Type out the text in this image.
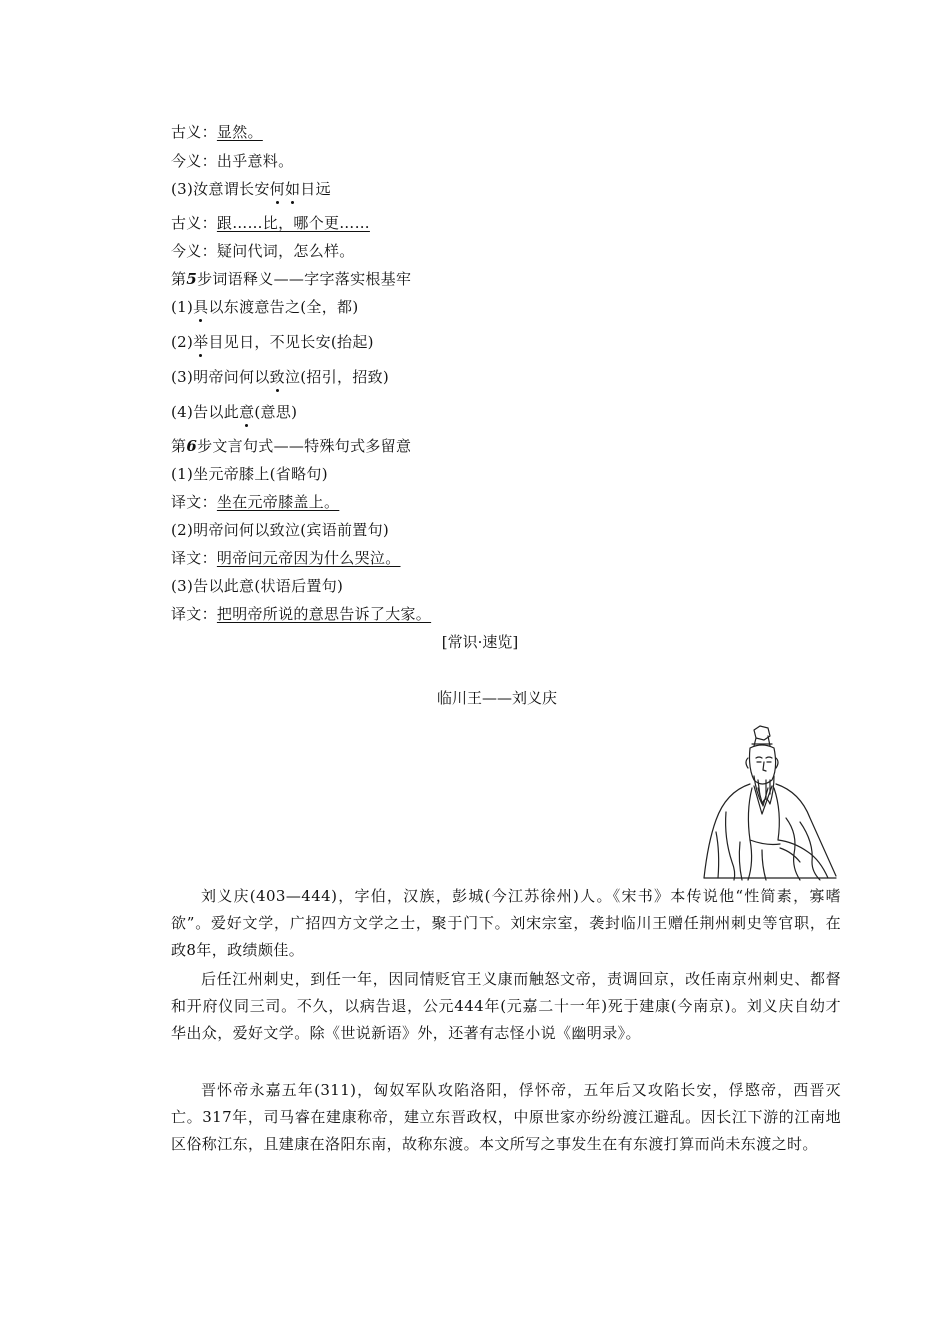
古义：显然。
今义：出乎意料。
(3)汝意谓长安何如日远
古义：跟……比，哪个更……
今义：疑问代词，怎么样。
第5步词语释义——字字落实根基牢
(1)具以东渡意告之(全，都)
(2)举目见日，不见长安(抬起)
(3)明帝问何以致泣(招引，招致)
(4)告以此意(意思)
第6步文言句式——特殊句式多留意
(1)坐元帝膝上(省略句)
译文：坐在元帝膝盖上。
(2)明帝问何以致泣(宾语前置句)
译文：明帝问元帝因为什么哭泣。
(3)告以此意(状语后置句)
译文：把明帝所说的意思告诉了大家。
[常识·速览]
临川王——刘义庆
刘义庆(403—444)，字伯，汉族，彭城(今江苏徐州)人。《宋书》本传说他“性简素，寡嗜欲”。爱好文学，广招四方文学之士，聚于门下。刘宋宗室，袭封临川王赠任荆州刺史等官职，在政8年，政绩颇佳。
后任江州刺史，到任一年，因同情贬官王义康而触怒文帝，责调回京，改任南京州刺史、都督和开府仪同三司。不久，以病告退，公元444年(元嘉二十一年)死于建康(今南京)。刘义庆自幼才华出众，爱好文学。除《世说新语》外，还著有志怪小说《幽明录》。
晋怀帝永嘉五年(311)，匈奴军队攻陷洛阳，俘怀帝，五年后又攻陷长安，俘愍帝，西晋灭亡。317年，司马睿在建康称帝，建立东晋政权，中原世家亦纷纷渡江避乱。因长江下游的江南地区俗称江东，且建康在洛阳东南，故称东渡。本文所写之事发生在有东渡打算而尚未东渡之时。
